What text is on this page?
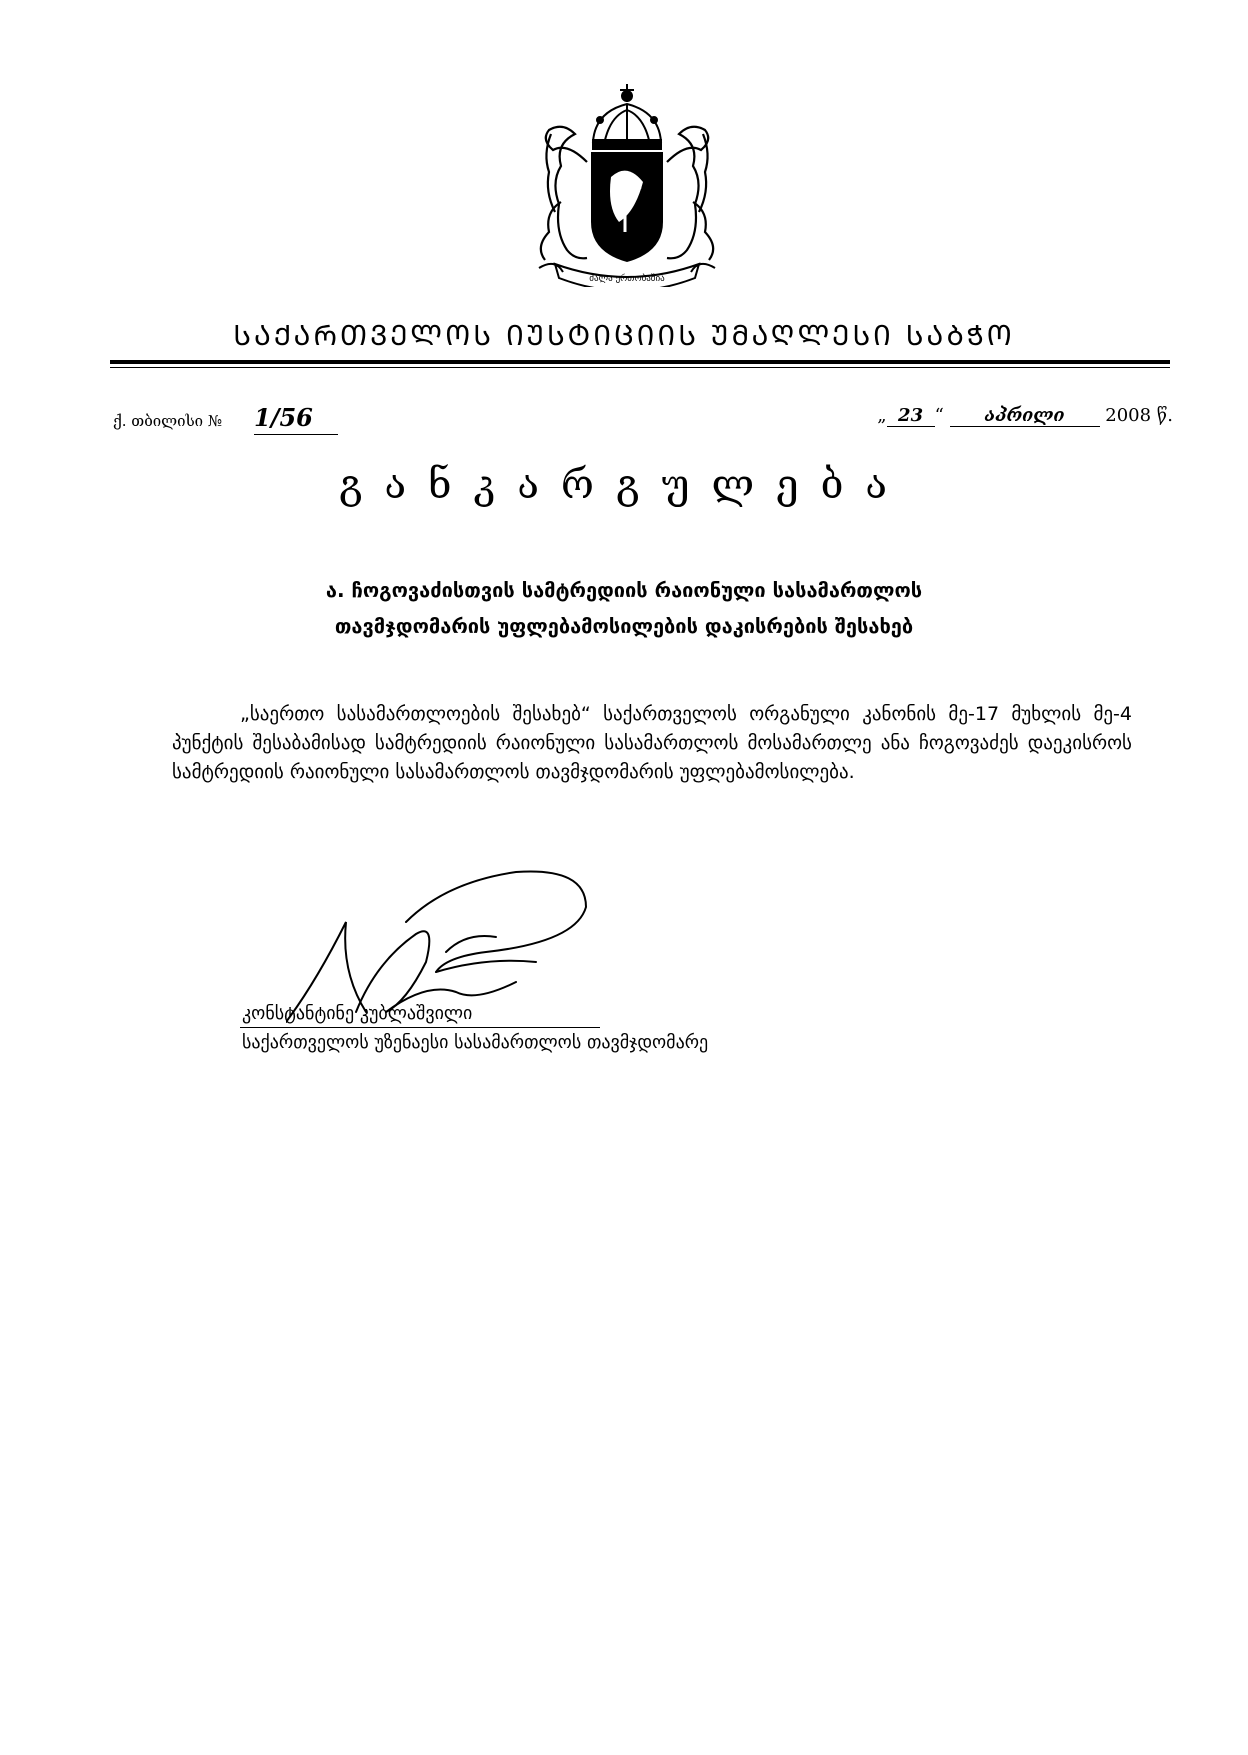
ძალა ერთობაშია
ᲡᲐᲥᲐᲠᲗᲕᲔᲚᲝᲡ ᲘᲣᲡᲢᲘᲪᲘᲘᲡ ᲣᲛᲐᲦᲚᲔᲡᲘ ᲡᲐᲑᲭᲝ
ქ. თბილისი № 1/56	„ 23 “ აპრილი 2008 წ.
განკარგულება
ა. ჩოგოვაძისთვის სამტრედიის რაიონული სასამართლოს
თავმჯდომარის უფლებამოსილების დაკისრების შესახებ
„საერთო სასამართლოების შესახებ“ საქართველოს ორგანული კანონის მე-17 მუხლის მე-4 პუნქტის შესაბამისად სამტრედიის რაიონული სასამართლოს მოსამართლე ანა ჩოგოვაძეს დაეკისროს სამტრედიის რაიონული სასამართლოს თავმჯდომარის უფლებამოსილება.
კონსტანტინე კუბლაშვილი
საქართველოს უზენაესი სასამართლოს თავმჯდომარე
